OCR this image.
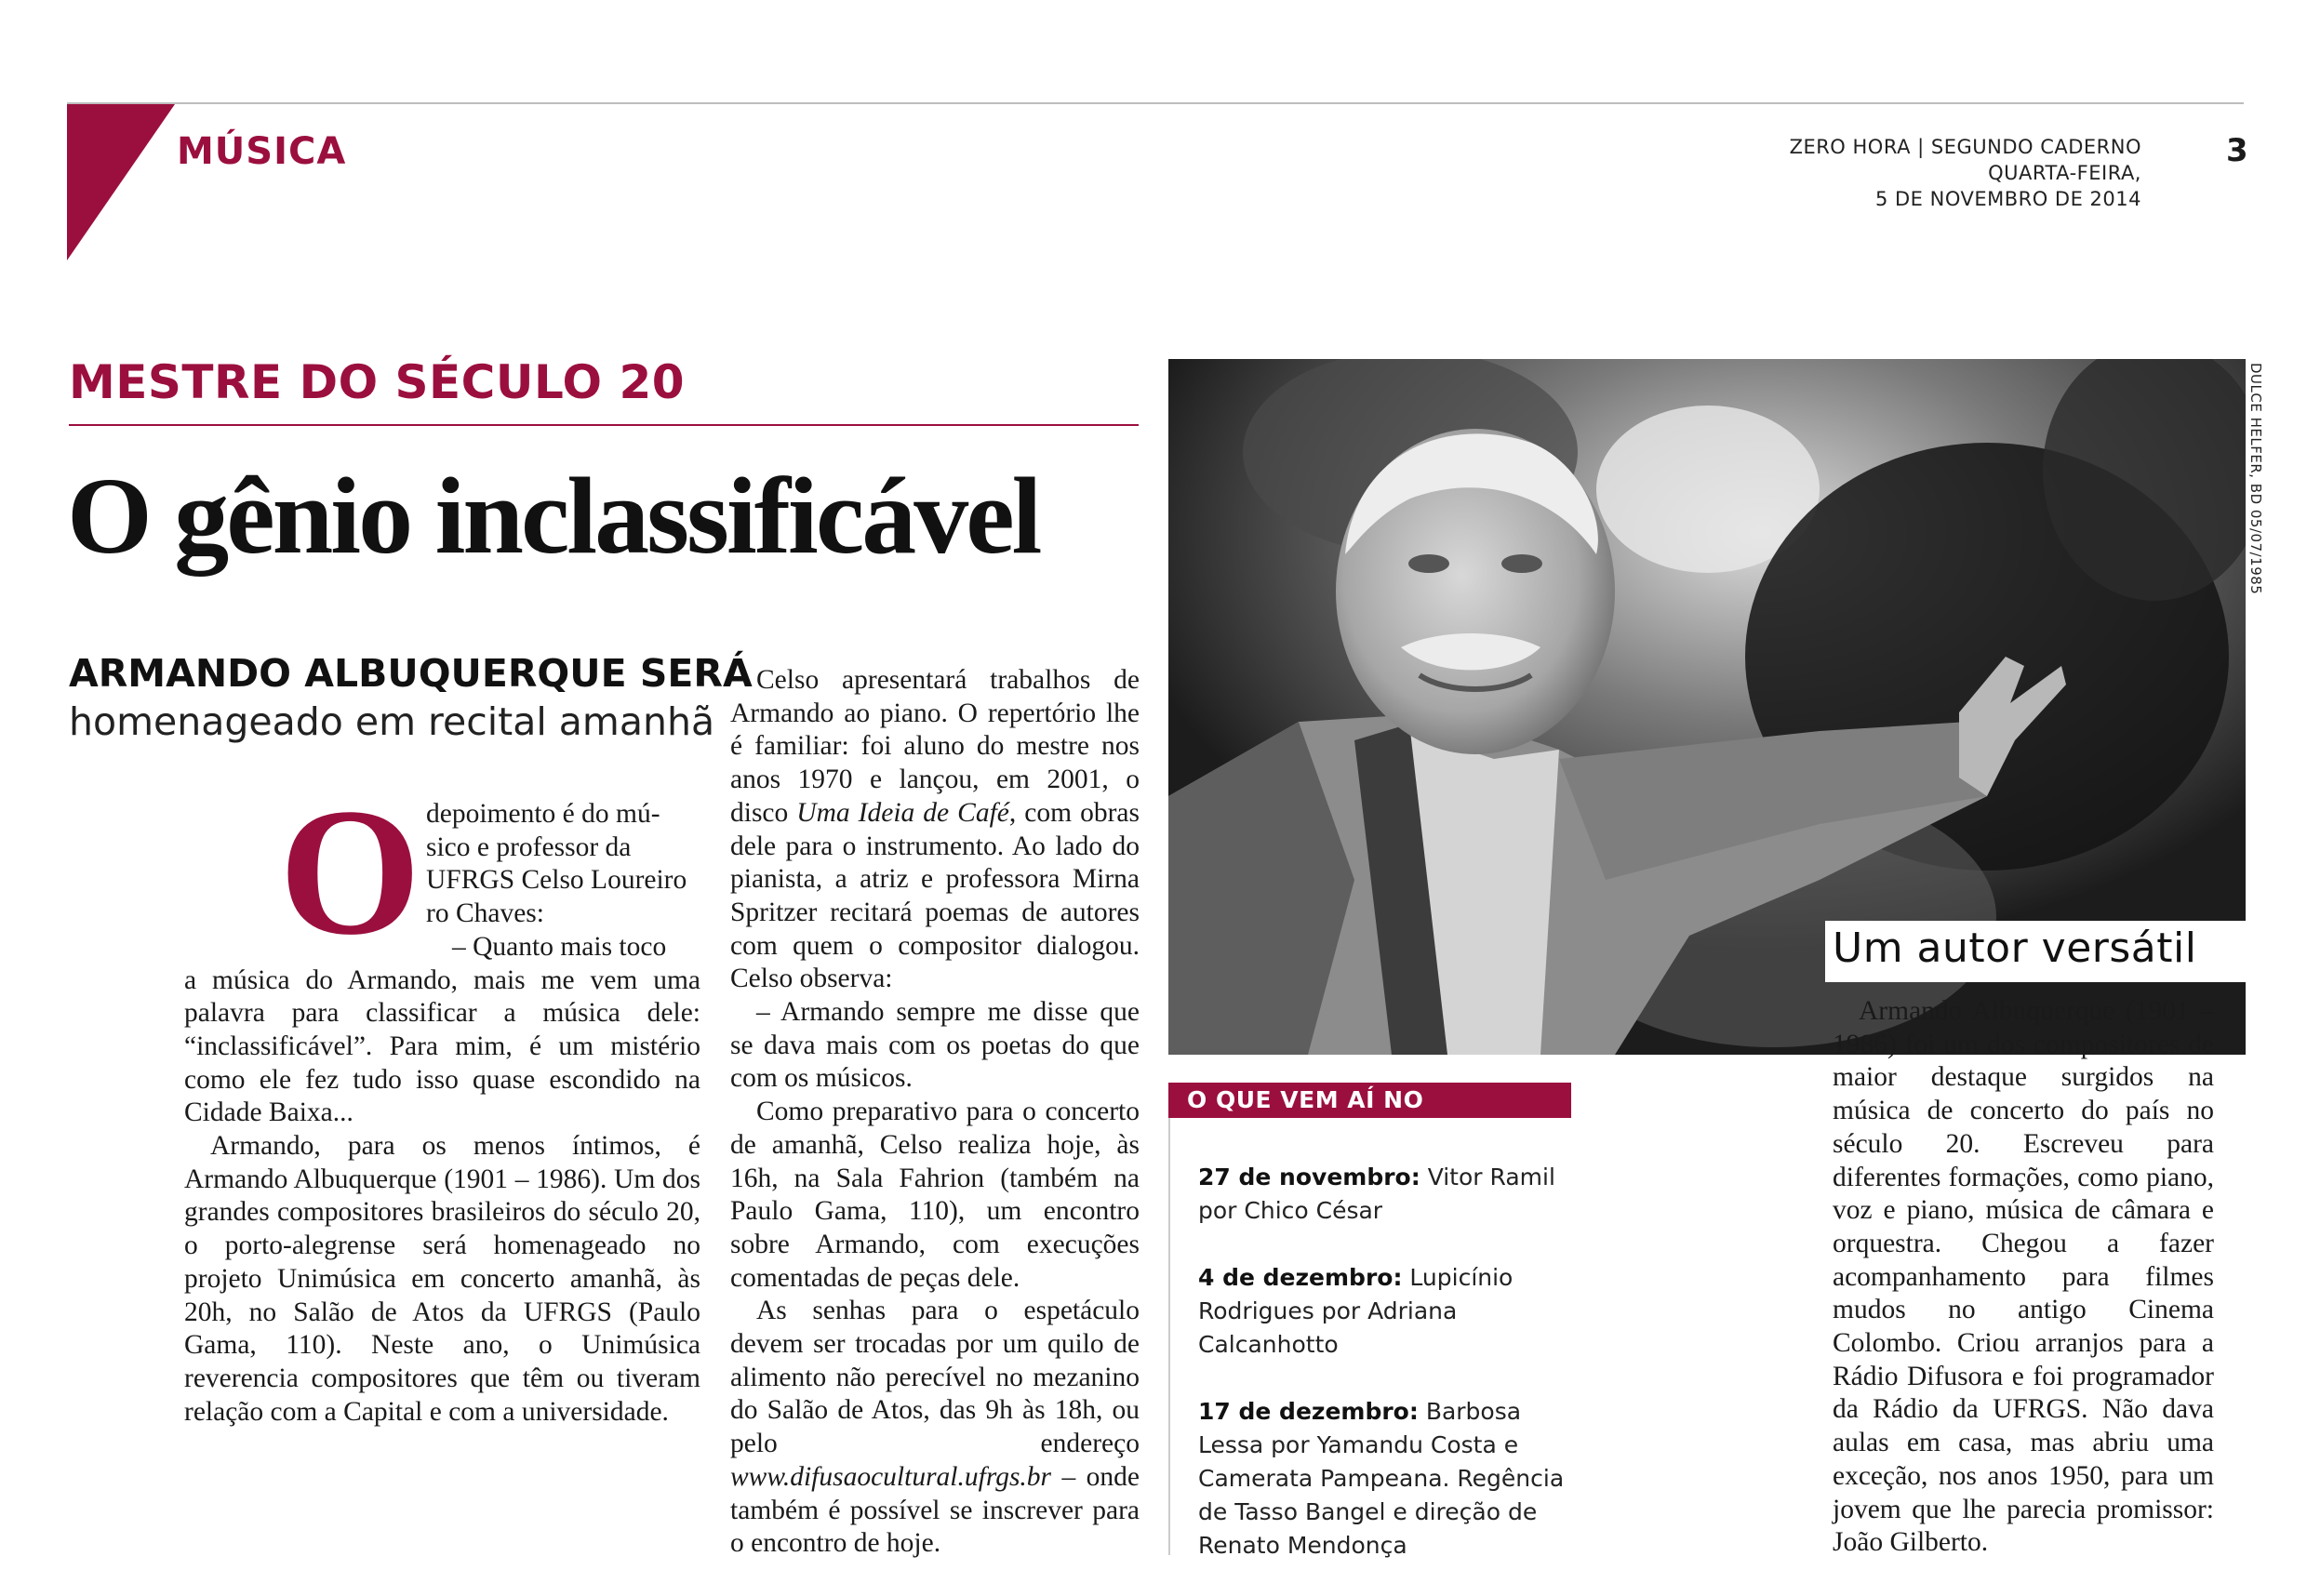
MÚSICA	ZERO HORA | SEGUNDO CADERNO
QUARTA-FEIRA,
5 DE NOVEMBRO DE 2014
3
MESTRE DO SÉCULO 20
O gênio inclassificável
ARMANDO ALBUQUERQUE SERÁ
homenageado em recital amanhã
O depoimento é do mú-

sico e professor da

UFRGS Celso Loureiro

ro Chaves:

– Quanto mais toco

a música do Armando, mais me vem uma palavra para classificar a música dele: “inclassificável”. Para mim, é um mistério como ele fez tudo isso quase escondido na Cidade Baixa...

Armando, para os menos íntimos, é Armando Albuquerque (1901 – 1986). Um dos grandes compositores brasileiros do século 20, o porto-alegrense será homenageado no projeto Unimúsica em concerto amanhã, às 20h, no Salão de Atos da UFRGS (Paulo Gama, 110). Neste ano, o Unimúsica reverencia compositores que têm ou tiveram relação com a Capital e com a universidade.

Celso apresentará trabalhos de Armando ao piano. O repertório lhe é familiar: foi aluno do mestre nos anos 1970 e lançou, em 2001, o disco Uma Ideia de Café, com obras dele para o instrumento. Ao lado do pianista, a atriz e professora Mirna Spritzer recitará poemas de autores com quem o compositor dialogou. Celso observa:

– Armando sempre me disse que se dava mais com os poetas do que com os músicos.

Como preparativo para o concerto de amanhã, Celso realiza hoje, às 16h, na Sala Fahrion (também na Paulo Gama, 110), um encontro sobre Armando, com execuções comentadas de peças dele.

As senhas para o espetáculo devem ser trocadas por um quilo de alimento não perecível no mezanino do Salão de Atos, das 9h às 18h, ou pelo endereço www.difusaocultural.ufrgs.br – onde também é possível se inscrever para o encontro de hoje.

DULCE HELFER, BD 05/07/1985
Um autor versátil

Armando Albuquerque (1901 – 1986) foi um dos compositores de maior destaque surgidos na música de concerto do país no século 20. Escreveu para diferentes formações, como piano, voz e piano, música de câmara e orquestra. Chegou a fazer acompanhamento para filmes mudos no antigo Cinema Colombo. Criou arranjos para a Rádio Difusora e foi programador da Rádio da UFRGS. Não dava aulas em casa, mas abriu uma exceção, nos anos 1950, para um jovem que lhe parecia promissor: João Gilberto.

O QUE VEM AÍ NO UNIMÚSICA
27 de novembro: Vitor Ramil por Chico César
4 de dezembro: Lupicínio Rodrigues por Adriana Calcanhotto
17 de dezembro: Barbosa Lessa por Yamandu Costa e Camerata Pampeana. Regência de Tasso Bangel e direção de Renato Mendonça
